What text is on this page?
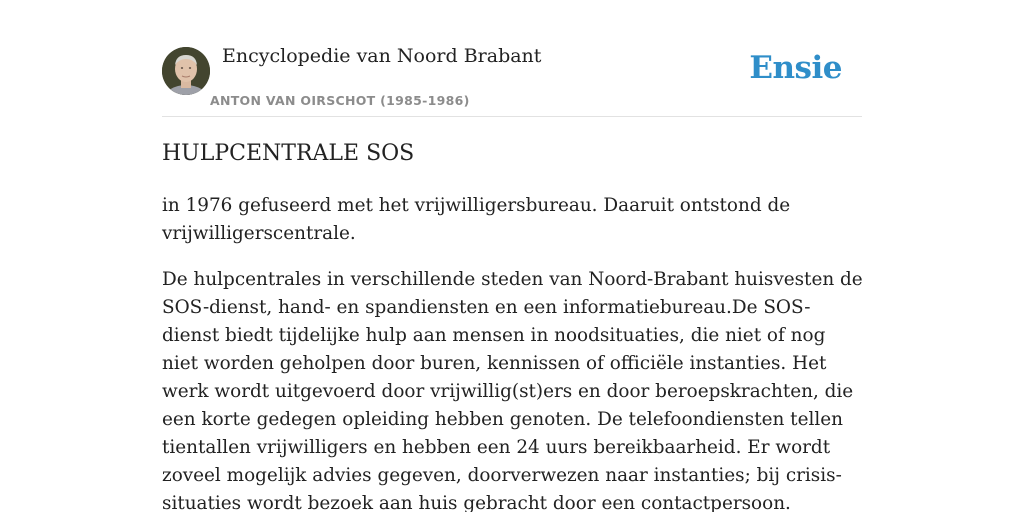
Encyclopedie van Noord Brabant
ANTON VAN OIRSCHOT (1985-1986)
Ensie
HULPCENTRALE SOS

in 1976 gefuseerd met het vrijwilligersbureau. Daaruit ontstond de vrijwilligerscentrale.

De hulpcentrales in verschillende steden van Noord-Brabant huisvesten de SOS-dienst, hand- en spandiensten en een informatiebureau.De SOS-dienst biedt tijdelijke hulp aan mensen in noodsituaties, die niet of nog niet worden geholpen door buren, kennissen of officiële instanties. Het werk wordt uitgevoerd door vrijwillig(st)ers en door beroepskrachten, die een korte gedegen opleiding hebben genoten. De telefoondiensten tellen tientallen vrijwilligers en hebben een 24 uurs bereikbaarheid. Er wordt zoveel mogelijk advies gegeven, doorverwezen naar instanties; bij crisis-situaties wordt bezoek aan huis gebracht door een contactpersoon.
